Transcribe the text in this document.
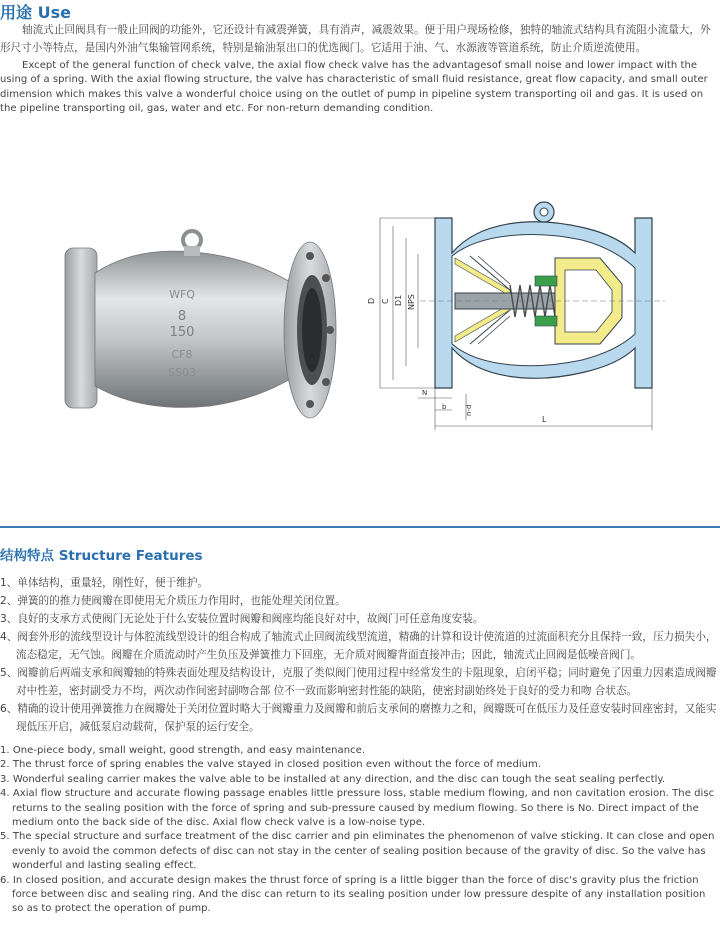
用途 Use
轴流式止回阀具有一般止回阀的功能外，它还设计有减震弹簧，具有消声，减震效果。便于用户现场检修，独特的轴流式结构具有流阻小流量大，外形尺寸小等特点，是国内外油气集输管网系统，特别是输油泵出口的优选阀门。它适用于油、气、水源液等管道系统，防止介质逆流使用。
Except of the general function of check valve, the axial flow check valve has the advantagesof small noise and lower impact with the using of a spring. With the axial flowing structure, the valve has characteristic of small fluid resistance, great flow capacity, and small outer dimension which makes this valve a wonderful choice using on the outlet of pump in pipeline system transporting oil and gas. It is used on the pipeline transporting oil, gas, water and etc. For non-return demanding condition.
WFQ
8
150
CF8
SS03
D C D1 NPS
N
b	n-d
L
结构特点 Structure Features
1、单体结构，重量轻，刚性好，便于维护。
2、弹簧的的推力使阀瓣在即使用无介质压力作用时，也能处理关闭位置。
3、良好的支承方式使阀门无论处于什么安装位置时阀瓣和阀座均能良好对中，故阀门可任意角度安装。
4、阀套外形的流线型设计与体腔流线型设计的组合构成了轴流式止回阀流线型流道，精确的计算和设计使流道的过流面积充分且保持一致，压力损失小，流态稳定，无气蚀。阀瓣在介质流动时产生负压及弹簧推力下回座，无介质对阀瓣背面直接冲击；因此，轴流式止回阀是低噪音阀门。
5、阀瓣前后两端支承和阀瓣轴的特殊表面处理及结构设计，克服了类似阀门使用过程中经常发生的卡阻现象，启闭平稳；同时避免了因重力因素造成阀瓣对中性差，密封副受力不均，两次动作间密封副吻合部 位不一致而影响密封性能的缺陷，使密封副始终处于良好的受力和吻 合状态。
6、精确的设计使用弹簧推力在阀瓣处于关闭位置时略大于阀瓣重力及阀瓣和前后支承间的磨擦力之和，阀瓣既可在低压力及任意安装时回座密封，又能实现低压开启，减低泵启动载荷，保护泵的运行安全。
1. One-piece body, small weight, good strength, and easy maintenance.
2. The thrust force of spring enables the valve stayed in closed position even without the force of medium.
3. Wonderful sealing carrier makes the valve able to be installed at any direction, and the disc can tough the seat sealing perfectly.
4. Axial flow structure and accurate flowing passage enables little pressure loss, stable medium flowing, and non cavitation erosion. The disc returns to the sealing position with the force of spring and sub-pressure caused by medium flowing. So there is No. Direct impact of the medium onto the back side of the disc. Axial flow check valve is a low-noise type.
5. The special structure and surface treatment of the disc carrier and pin eliminates the phenomenon of valve sticking. It can close and open evenly to avoid the common defects of disc can not stay in the center of sealing position because of the gravity of disc. So the valve has wonderful and lasting sealing effect.
6. In closed position, and accurate design makes the thrust force of spring is a little bigger than the force of disc's gravity plus the friction force between disc and sealing ring. And the disc can return to its sealing position under low pressure despite of any installation position so as to protect the operation of pump.
